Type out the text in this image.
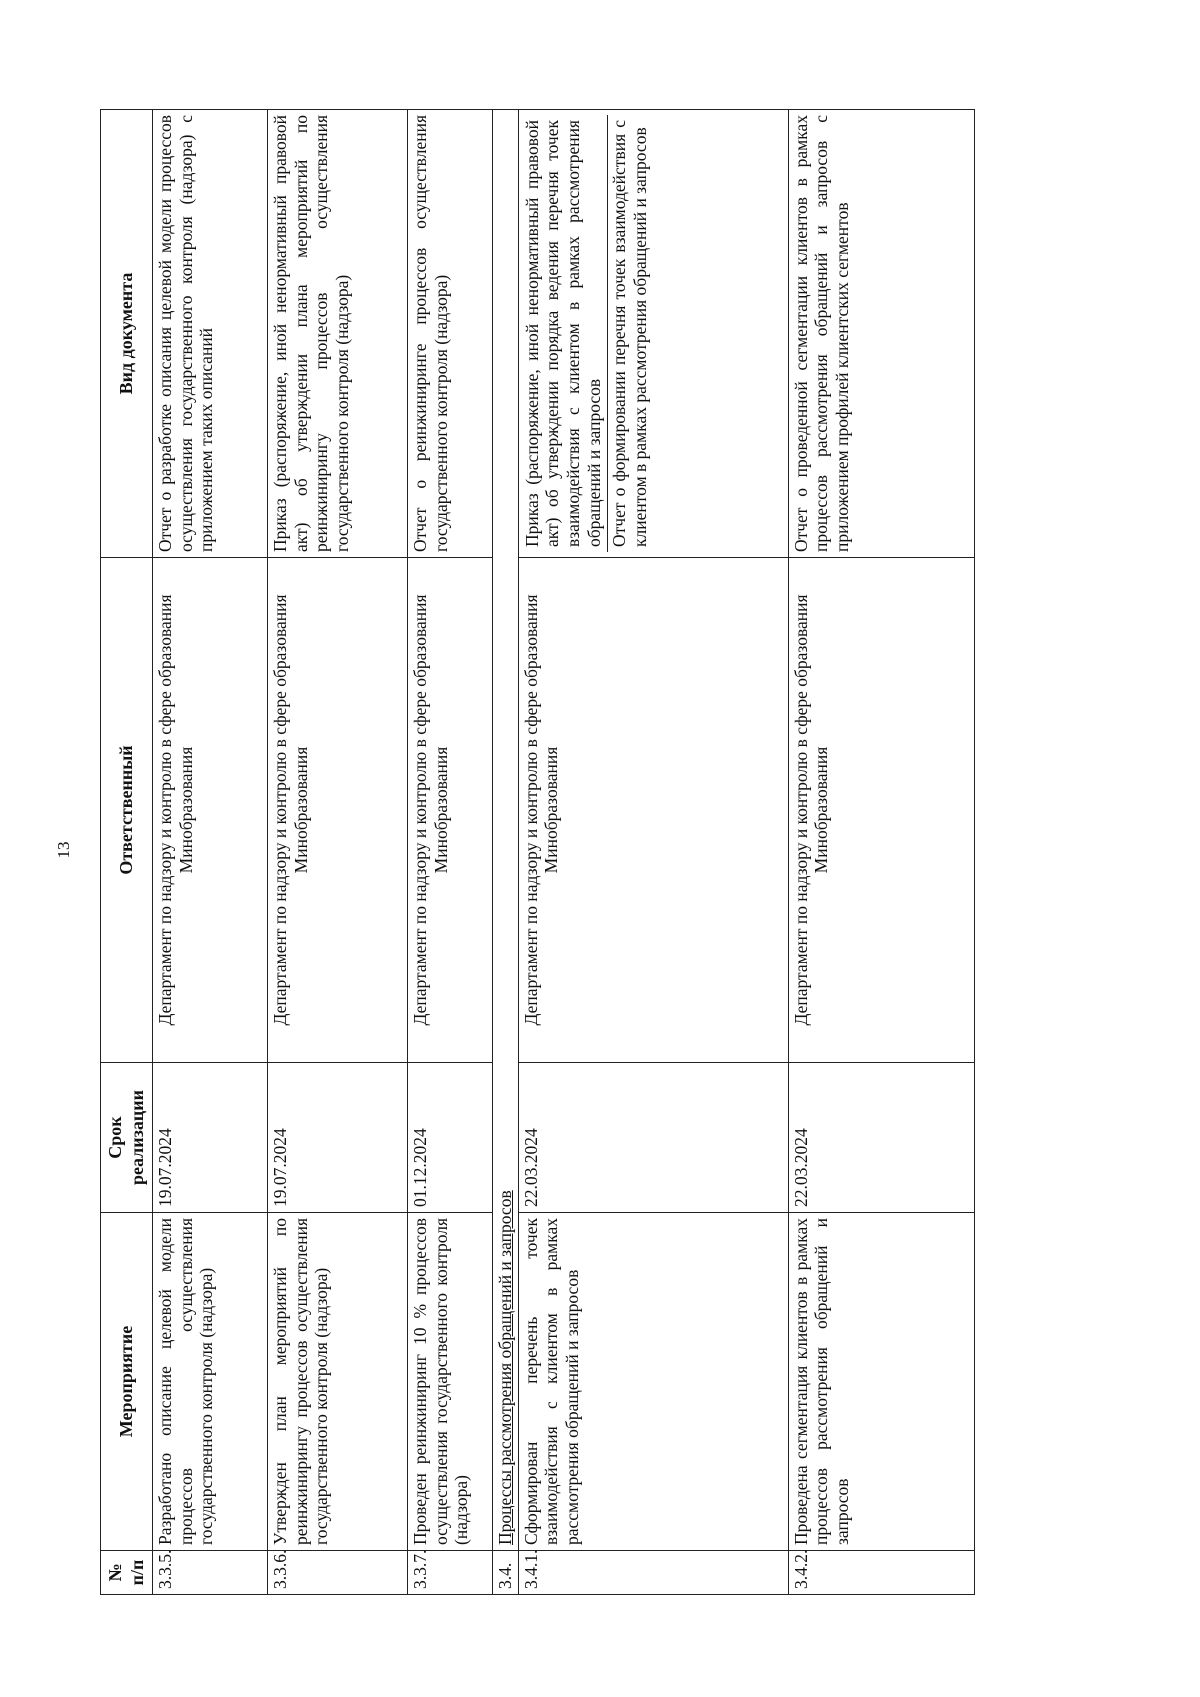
13
№ п/п	Мероприятие	Срок реализации	Ответственный	Вид документа
3.3.5.	Разработано описание целевой модели процессов осуществления государственного контроля (надзора)	19.07.2024	Департамент по надзору и контролю в сфере образования Минобразования	Отчет о разработке описания целевой модели процессов осуществления государственного контроля (надзора) с приложением таких описаний
3.3.6.	Утвержден план мероприятий по реинжинирингу процессов осуществления государственного контроля (надзора)	19.07.2024	Департамент по надзору и контролю в сфере образования Минобразования	Приказ (распоряжение, иной ненормативный правовой акт) об утверждении плана мероприятий по реинжинирингу процессов осуществления государственного контроля (надзора)
3.3.7.	Проведен реинжиниринг 10 % процессов осуществления государственного контроля (надзора)	01.12.2024	Департамент по надзору и контролю в сфере образования Минобразования	Отчет о реинжиниринге процессов осуществления государственного контроля (надзора)
3.4.	Процессы рассмотрения обращений и запросов			
3.4.1.	Сформирован перечень точек взаимодействия с клиентом в рамках рассмотрения обращений и запросов	22.03.2024	Департамент по надзору и контролю в сфере образования Минобразования	Приказ (распоряжение, иной ненормативный правовой акт) об утверждении порядка ведения перечня точек взаимодействия с клиентом в рамках рассмотрения обращений и запросов Отчет о формировании перечня точек взаимодействия с клиентом в рамках рассмотрения обращений и запросов

3.4.2.	Проведена сегментация клиентов в рамках процессов рассмотрения обращений и запросов	22.03.2024	Департамент по надзору и контролю в сфере образования Минобразования	Отчет о проведенной сегментации клиентов в рамках процессов рассмотрения обращений и запросов с приложением профилей клиентских сегментов
